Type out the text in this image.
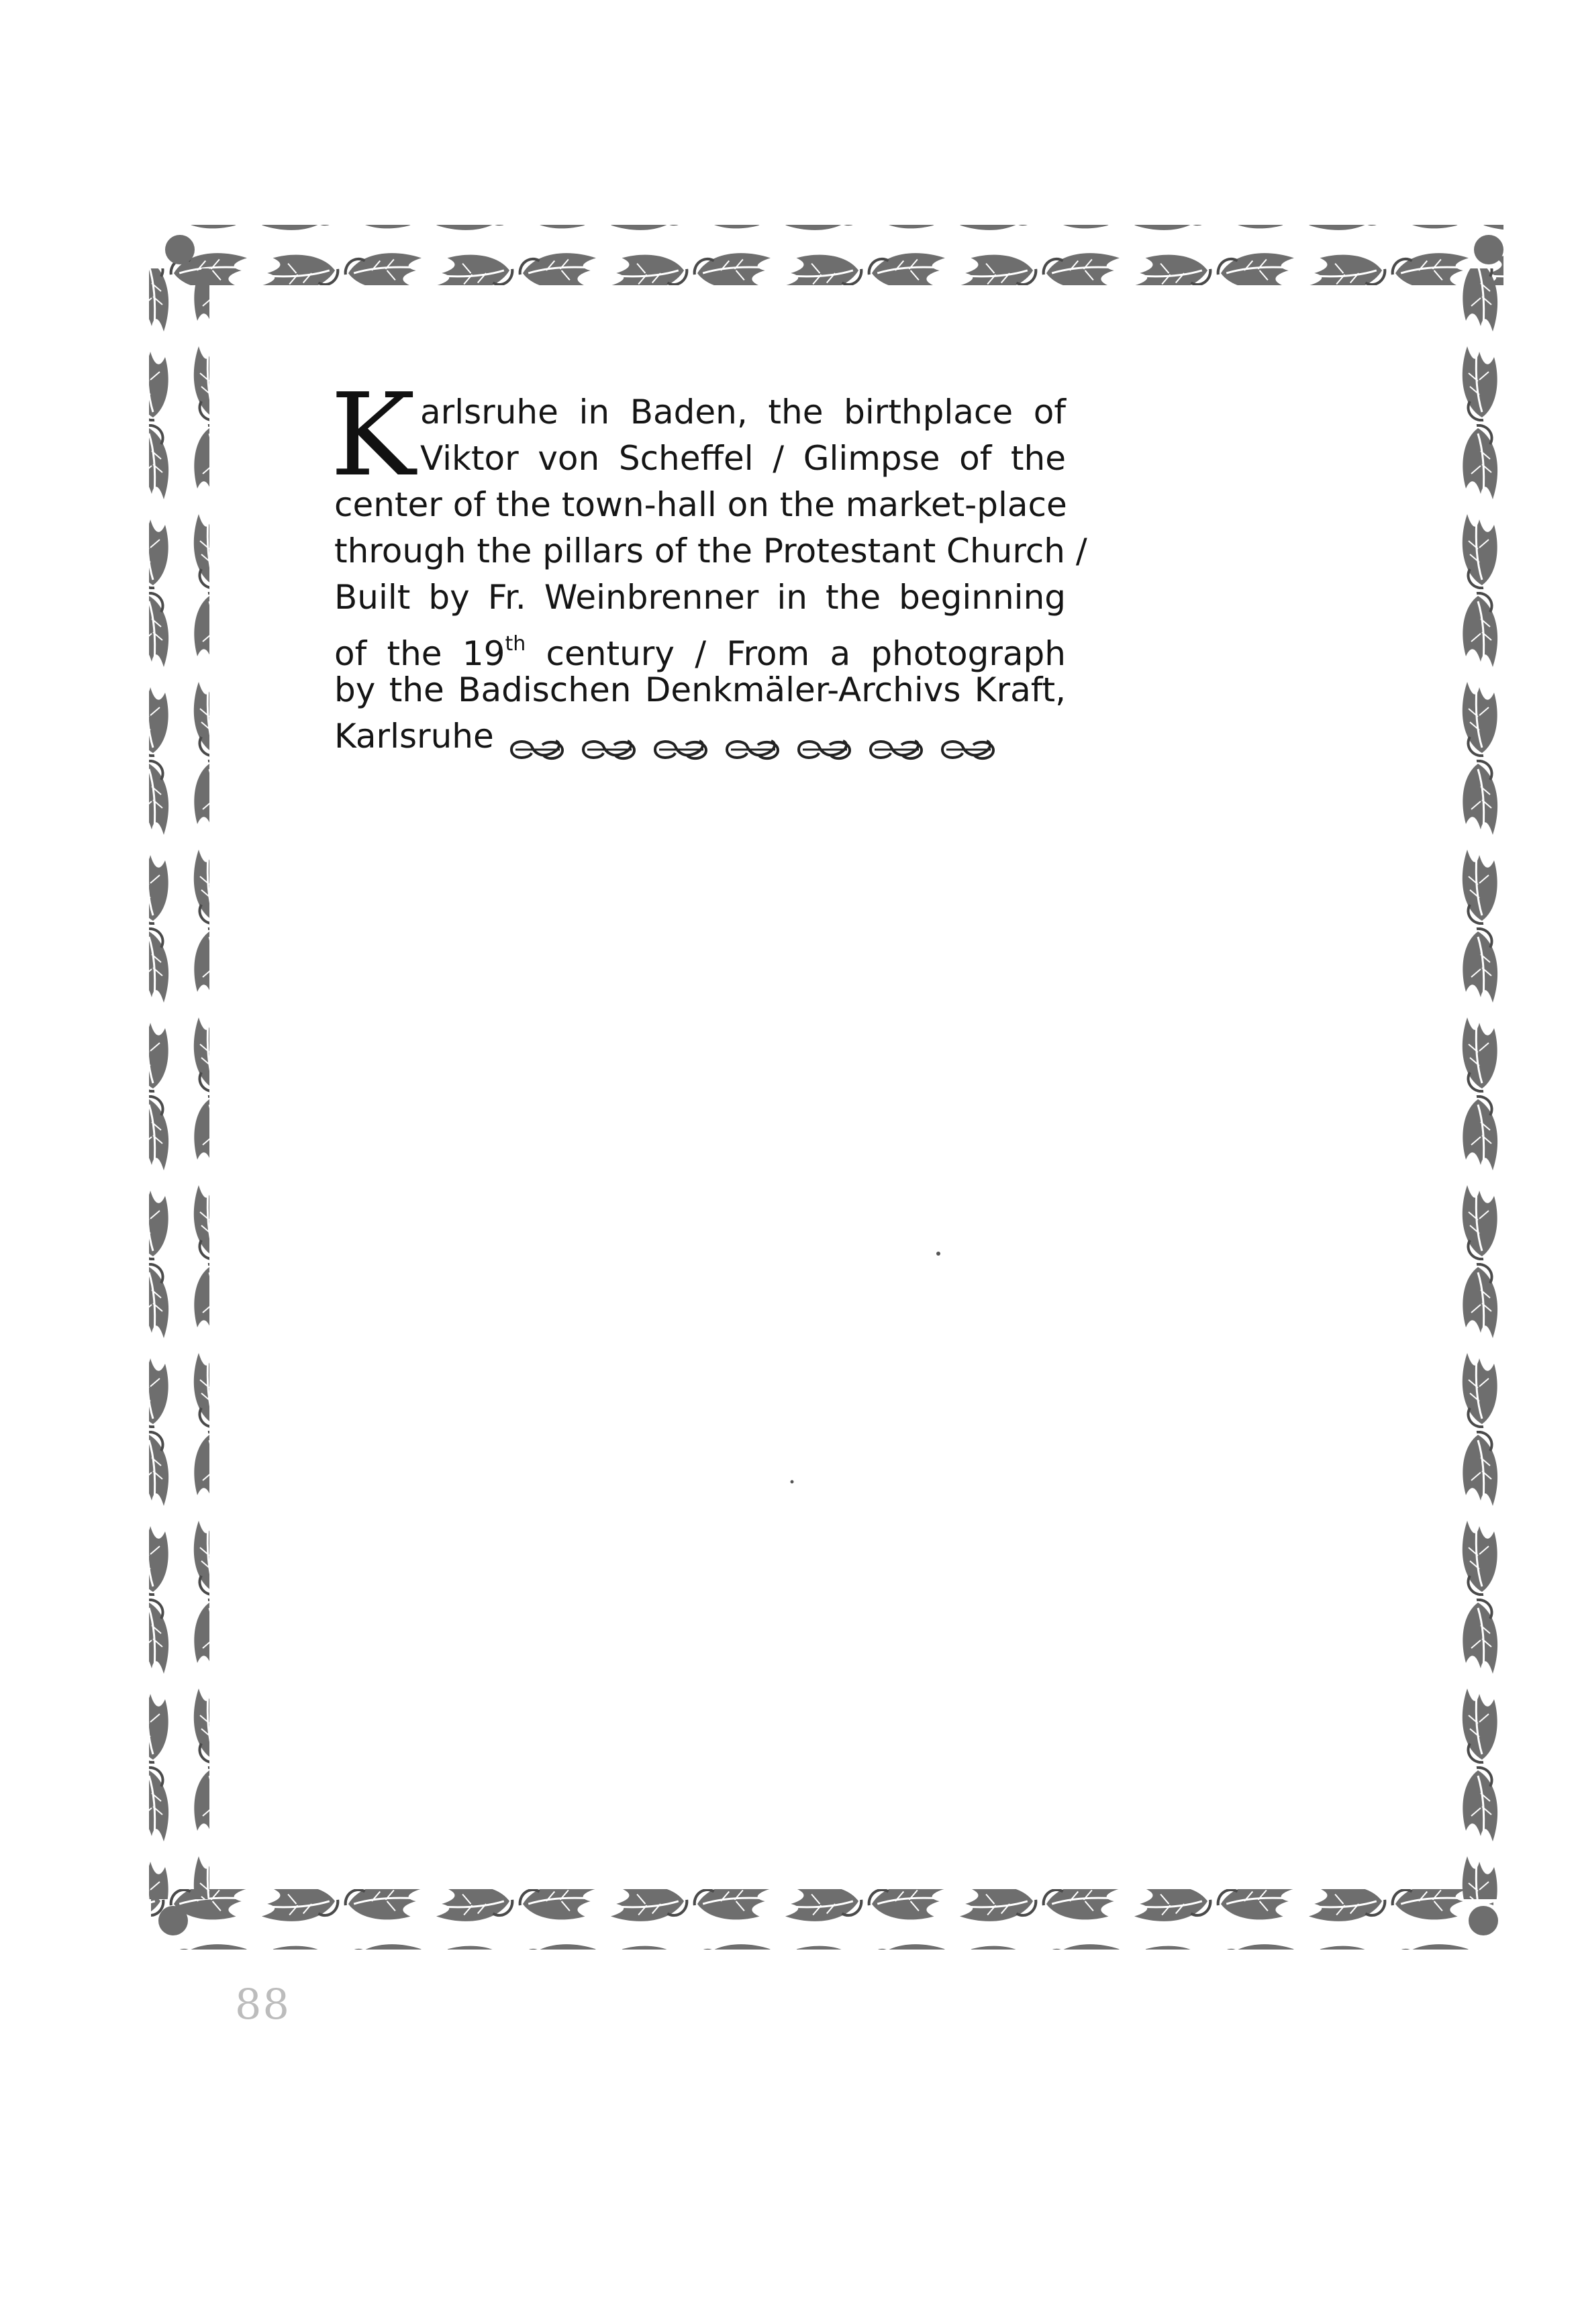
K arlsruhe in Baden, the birthplace of
Viktor von Scheffel / Glimpse of the
center of the town-hall on the market-place
through the pillars of the Protestant Church /
Built by Fr. Weinbrenner in the beginning
of the 19th century / From a photograph
by the Badischen Denkmäler-Archivs Kraft,
Karlsruhe
88
